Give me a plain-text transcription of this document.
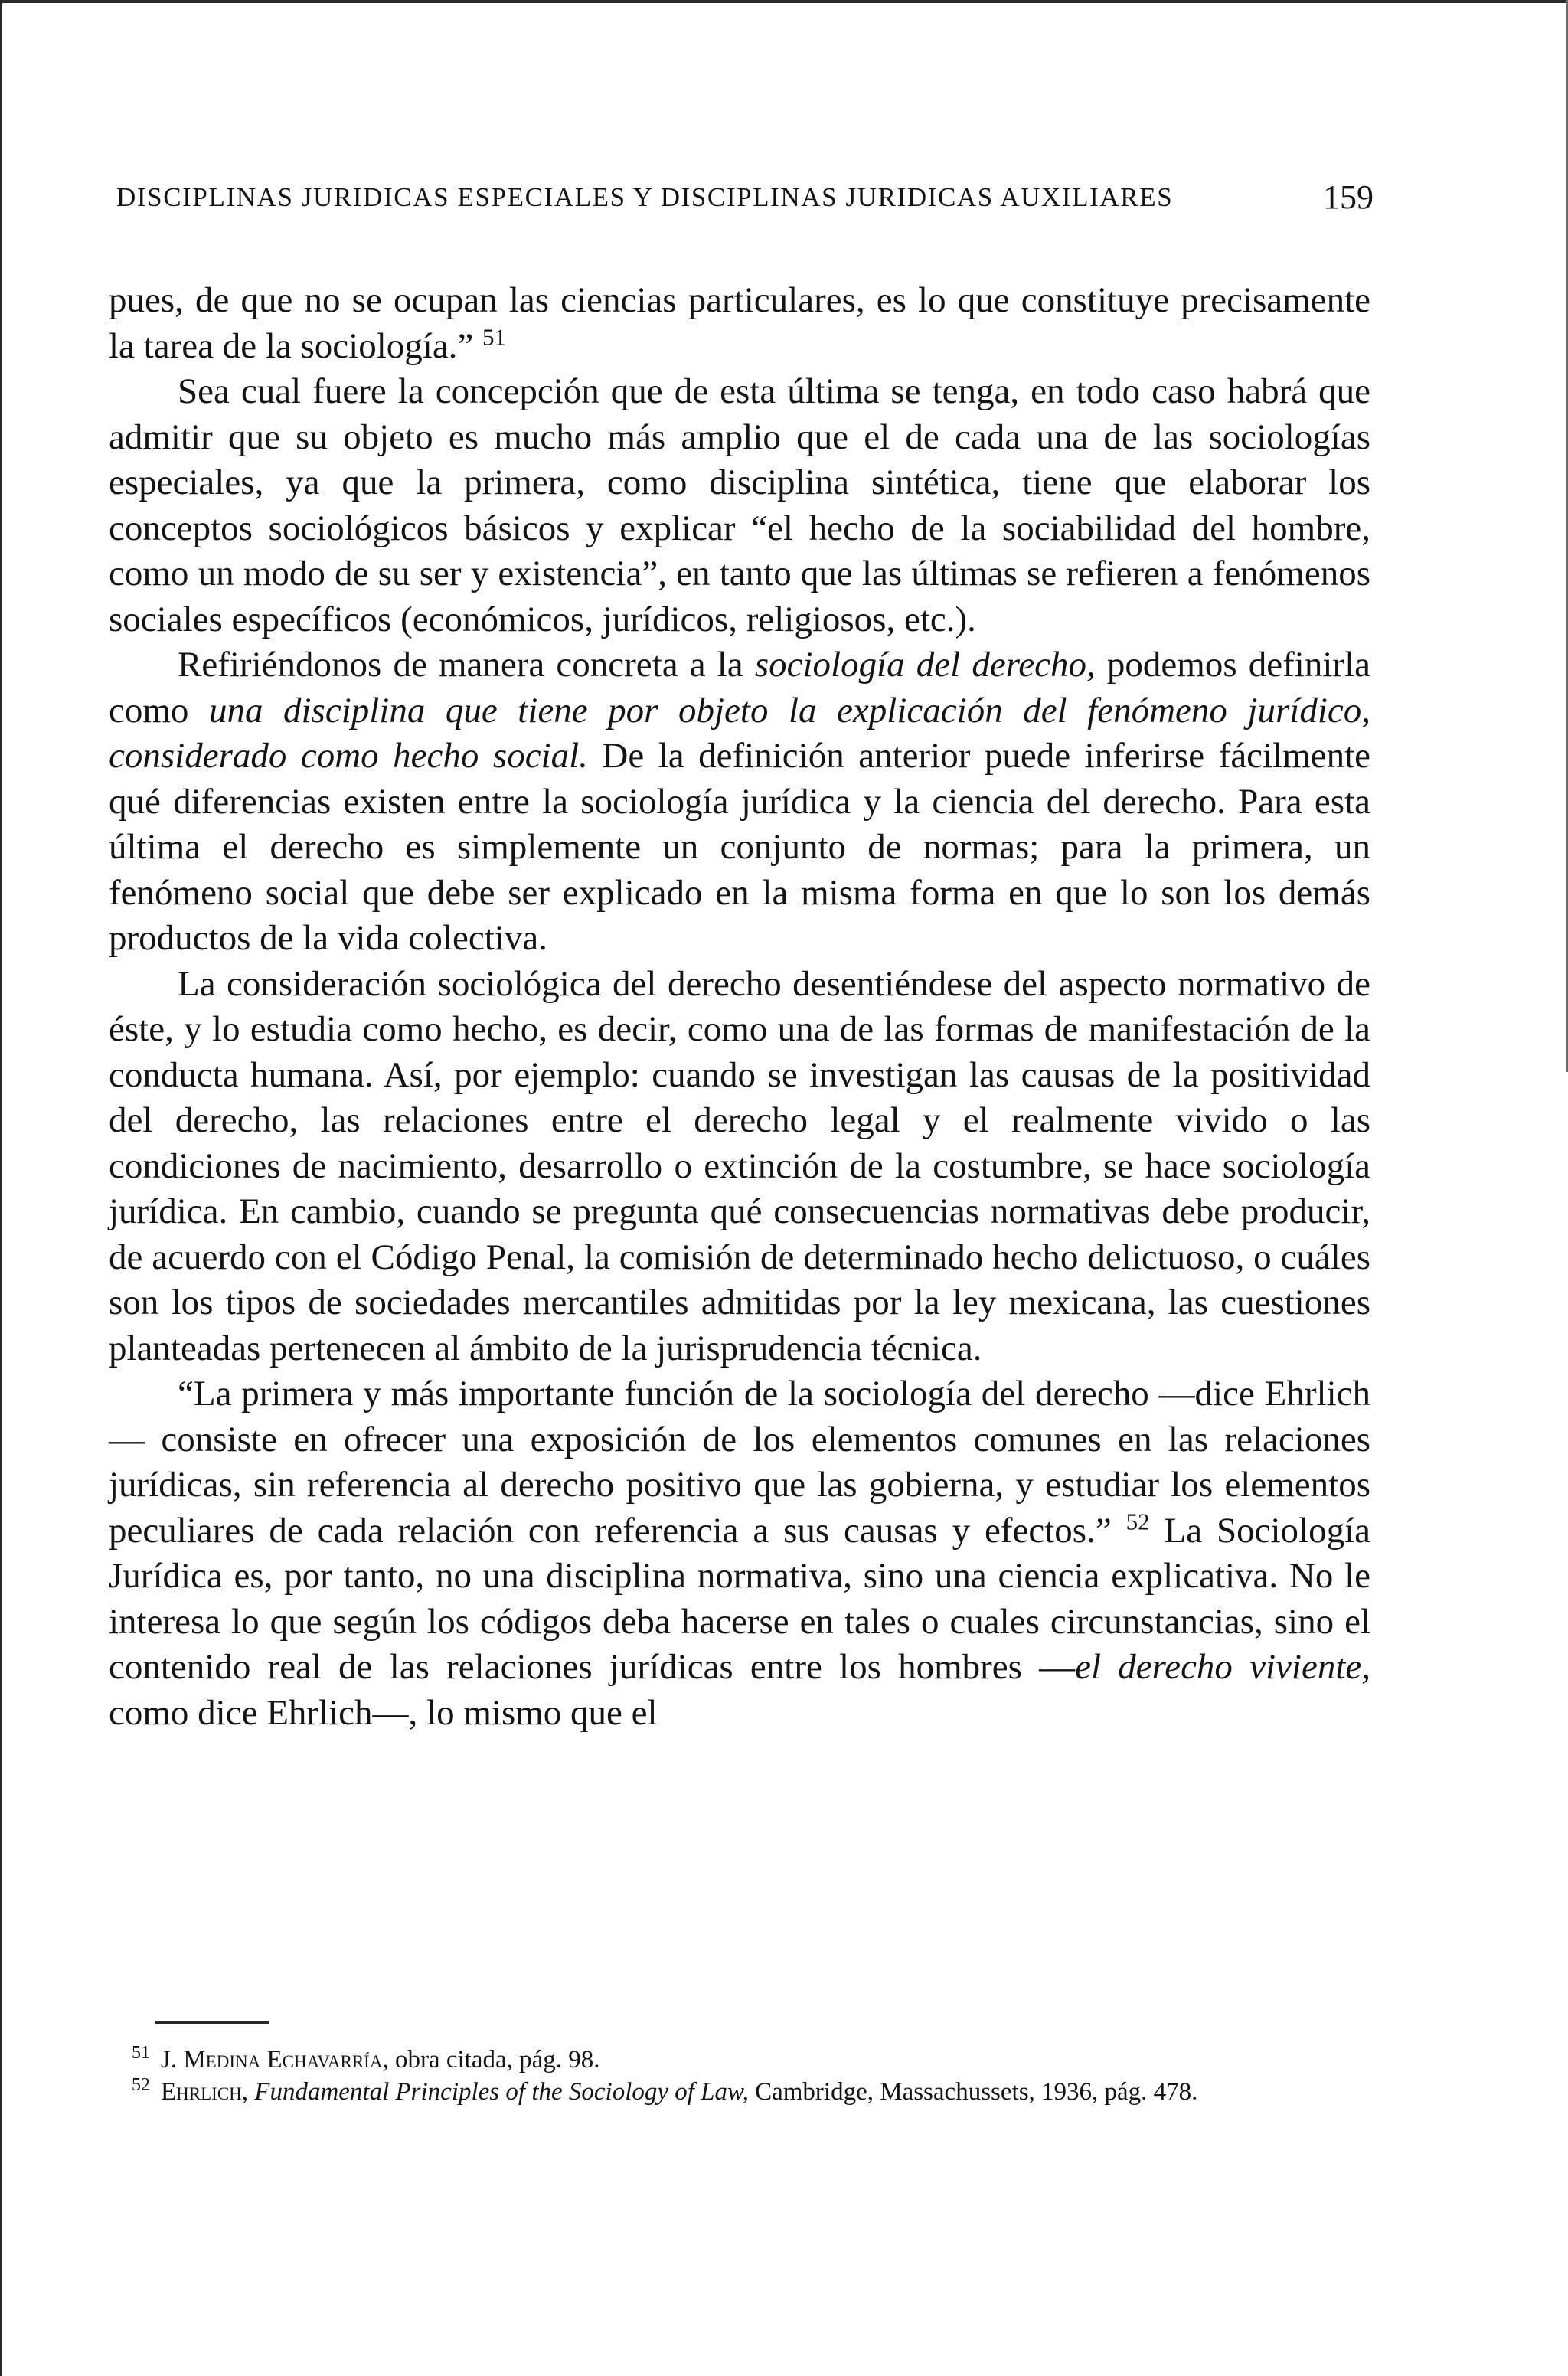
DISCIPLINAS JURIDICAS ESPECIALES Y DISCIPLINAS JURIDICAS AUXILIARES	159

pues, de que no se ocupan las ciencias particulares, es lo que constituye precisamente la tarea de la sociología.” $^{51}$

Sea cual fuere la concepción que de esta última se tenga, en todo caso habrá que admitir que su objeto es mucho más amplio que el de cada una de las sociologías especiales, ya que la primera, como disciplina sintética, tiene que elaborar los conceptos sociológicos básicos y explicar “el hecho de la sociabilidad del hombre, como un modo de su ser y existencia”, en tanto que las últimas se refieren a fenómenos sociales específicos (económicos, jurídicos, religiosos, etc.).

Refiriéndonos de manera concreta a la sociología del derecho, podemos definirla como una disciplina que tiene por objeto la explicación del fenómeno jurídico, considerado como hecho social. De la definición anterior puede inferirse fácilmente qué diferencias existen entre la sociología jurídica y la ciencia del derecho. Para esta última el derecho es simplemente un conjunto de normas; para la primera, un fenómeno social que debe ser explicado en la misma forma en que lo son los demás productos de la vida colectiva.

La consideración sociológica del derecho desentiéndese del aspecto normativo de éste, y lo estudia como hecho, es decir, como una de las formas de manifestación de la conducta humana. Así, por ejemplo: cuando se investigan las causas de la positividad del derecho, las relaciones entre el derecho legal y el realmente vivido o las condiciones de nacimiento, desarrollo o extinción de la costumbre, se hace sociología jurídica. En cambio, cuando se pregunta qué consecuencias normativas debe producir, de acuerdo con el Código Penal, la comisión de determinado hecho delictuoso, o cuáles son los tipos de sociedades mercantiles admitidas por la ley mexicana, las cuestiones planteadas pertenecen al ámbito de la jurisprudencia técnica.

“La primera y más importante función de la sociología del derecho —dice Ehrlich— consiste en ofrecer una exposición de los elementos comunes en las relaciones jurídicas, sin referencia al derecho positivo que las gobierna, y estudiar los elementos peculiares de cada relación con referencia a sus causas y efectos.” $^{52}$ La Sociología Jurídica es, por tanto, no una disciplina normativa, sino una ciencia explicativa. No le interesa lo que según los códigos deba hacerse en tales o cuales circunstancias, sino el contenido real de las relaciones jurídicas entre los hombres —el derecho viviente, como dice Ehrlich—, lo mismo que el

51 J. Medina Echavarría, obra citada, pág. 98.

52 Ehrlich, Fundamental Principles of the Sociology of Law, Cambridge, Massachussets, 1936, pág. 478.
